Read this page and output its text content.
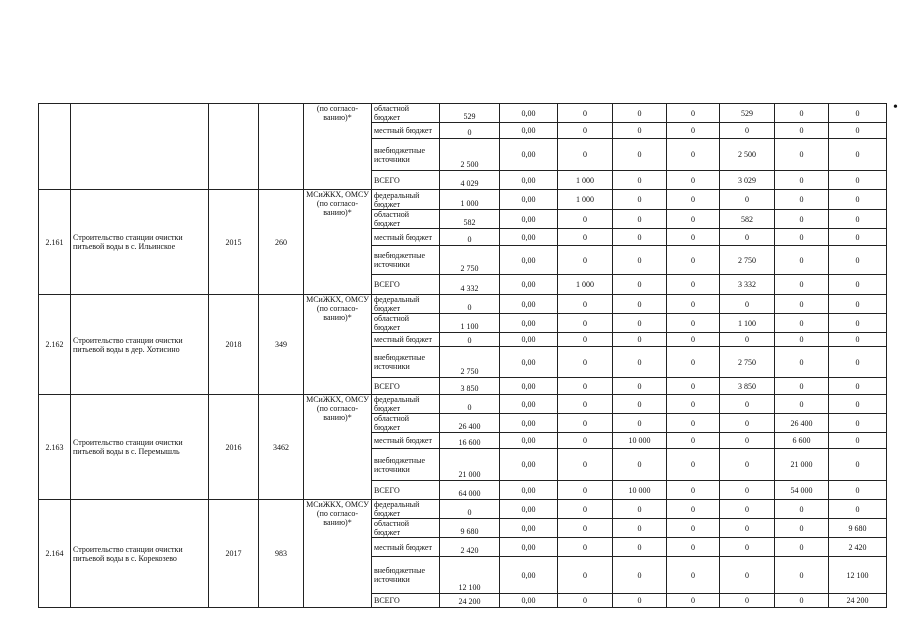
•
				(по согласо-ванию)*	областной бюджет	529	0,00	0	0	0	529	0	0
					местный бюджет	0	0,00	0	0	0	0	0	0
					внебюджетные источники	2 500	0,00	0	0	0	2 500	0	0
					ВСЕГО	4 029	0,00	1 000	0	0	3 029	0	0
2.161	Строительство станции очистки питьевой воды в с. Ильинское	2015	260	МСиЖКХ, ОМСУ (по согласо-ванию)*	федеральный бюджет	1 000	0,00	1 000	0	0	0	0	0
					областной бюджет	582	0,00	0	0	0	582	0	0
					местный бюджет	0	0,00	0	0	0	0	0	0
					внебюджетные источники	2 750	0,00	0	0	0	2 750	0	0
					ВСЕГО	4 332	0,00	1 000	0	0	3 332	0	0
2.162	Строительство станции очистки питьевой воды в дер. Хотисино	2018	349	МСиЖКХ, ОМСУ (по согласо-ванию)*	федеральный бюджет	0	0,00	0	0	0	0	0	0
					областной бюджет	1 100	0,00	0	0	0	1 100	0	0
					местный бюджет	0	0,00	0	0	0	0	0	0
					внебюджетные источники	2 750	0,00	0	0	0	2 750	0	0
					ВСЕГО	3 850	0,00	0	0	0	3 850	0	0
2.163	Строительство станции очистки питьевой воды в с. Перемышль	2016	3462	МСиЖКХ, ОМСУ (по согласо-ванию)*	федеральный бюджет	0	0,00	0	0	0	0	0	0
					областной бюджет	26 400	0,00	0	0	0	0	26 400	0
					местный бюджет	16 600	0,00	0	10 000	0	0	6 600	0
					внебюджетные источники	21 000	0,00	0	0	0	0	21 000	0
					ВСЕГО	64 000	0,00	0	10 000	0	0	54 000	0
2.164	Строительство станции очистки питьевой воды в с. Корекозево	2017	983	МСиЖКХ, ОМСУ (по согласо-ванию)*	федеральный бюджет	0	0,00	0	0	0	0	0	0
					областной бюджет	9 680	0,00	0	0	0	0	0	9 680
					местный бюджет	2 420	0,00	0	0	0	0	0	2 420
					внебюджетные источники	12 100	0,00	0	0	0	0	0	12 100
					ВСЕГО	24 200	0,00	0	0	0	0	0	24 200
